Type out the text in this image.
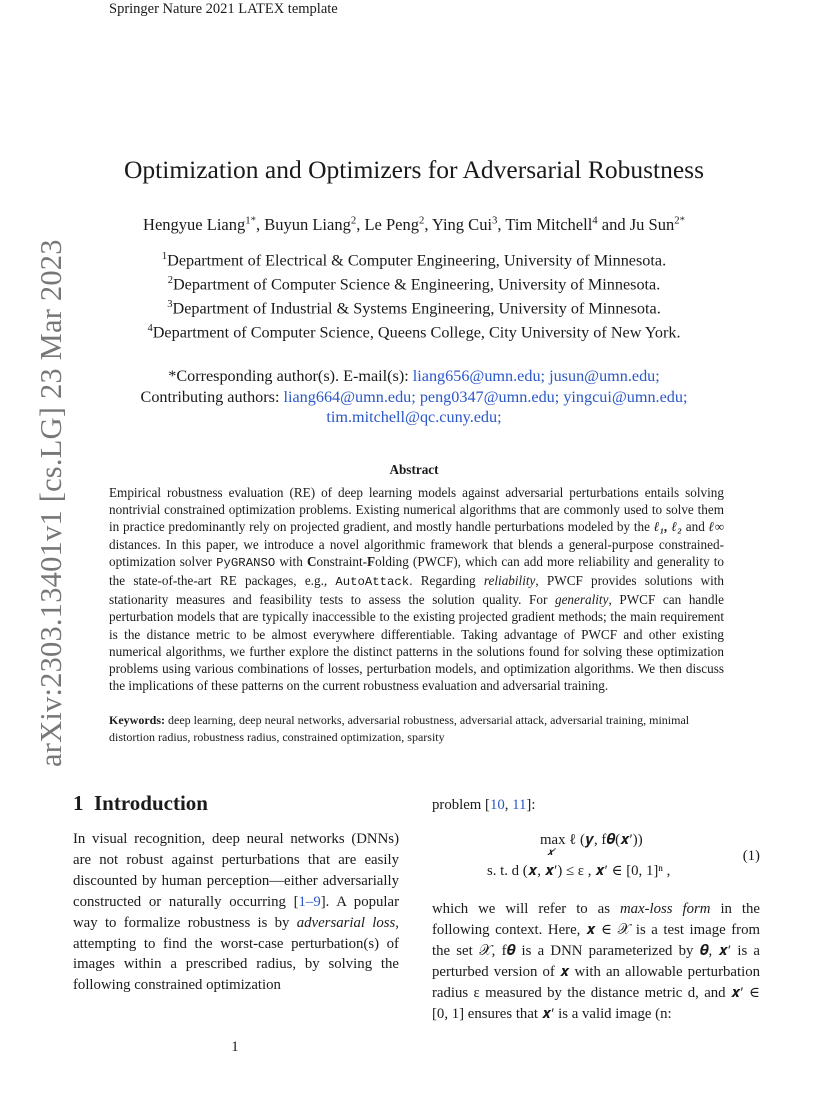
Springer Nature 2021 LATEX template
arXiv:2303.13401v1 [cs.LG] 23 Mar 2023
Optimization and Optimizers for Adversarial Robustness
Hengyue Liang$^{1*}$, Buyun Liang$^2$, Le Peng$^2$, Ying Cui$^3$, Tim Mitchell$^4$ and Ju Sun$^{2*}$
$^1$Department of Electrical & Computer Engineering, University of Minnesota.
$^2$Department of Computer Science & Engineering, University of Minnesota.
$^3$Department of Industrial & Systems Engineering, University of Minnesota.
$^4$Department of Computer Science, Queens College, City University of New York.
*Corresponding author(s). E-mail(s): liang656@umn.edu; jusun@umn.edu;
Contributing authors: liang664@umn.edu; peng0347@umn.edu; yingcui@umn.edu;
tim.mitchell@qc.cuny.edu;
Abstract
Empirical robustness evaluation (RE) of deep learning models against adversarial perturbations entails solving nontrivial constrained optimization problems. Existing numerical algorithms that are commonly used to solve them in practice predominantly rely on projected gradient, and mostly handle perturbations modeled by the ℓ₁, ℓ₂ and ℓ∞ distances. In this paper, we introduce a novel algorithmic framework that blends a general-purpose constrained-optimization solver PyGRANSO with Constraint-Folding (PWCF), which can add more reliability and generality to the state-of-the-art RE packages, e.g., AutoAttack. Regarding reliability, PWCF provides solutions with stationarity measures and feasibility tests to assess the solution quality. For generality, PWCF can handle perturbation models that are typically inaccessible to the existing projected gradient methods; the main requirement is the distance metric to be almost everywhere differentiable. Taking advantage of PWCF and other existing numerical algorithms, we further explore the distinct patterns in the solutions found for solving these optimization problems using various combinations of losses, perturbation models, and optimization algorithms. We then discuss the implications of these patterns on the current robustness evaluation and adversarial training.
Keywords: deep learning, deep neural networks, adversarial robustness, adversarial attack, adversarial training, minimal distortion radius, robustness radius, constrained optimization, sparsity
1 Introduction
In visual recognition, deep neural networks (DNNs) are not robust against perturbations that are easily discounted by human perception—either adversarially constructed or naturally occurring [1–9]. A popular way to formalize robustness is by adversarial loss, attempting to find the worst-case perturbation(s) of images within a prescribed radius, by solving the following constrained optimization
problem [10, 11]:
max ℓ (𝒚, f𝜽(𝒙′))
𝒙′
s. t. d (𝒙, 𝒙′) ≤ ε , 𝒙′ ∈ [0, 1]ⁿ ,
(1)
which we will refer to as max-loss form in the following context. Here, 𝒙 ∈ 𝒳 is a test image from the set 𝒳, f𝜽 is a DNN parameterized by 𝜽, 𝒙′ is a perturbed version of 𝒙 with an allowable perturbation radius ε measured by the distance metric d, and 𝒙′ ∈ [0, 1] ensures that 𝒙′ is a valid image (n:
1
